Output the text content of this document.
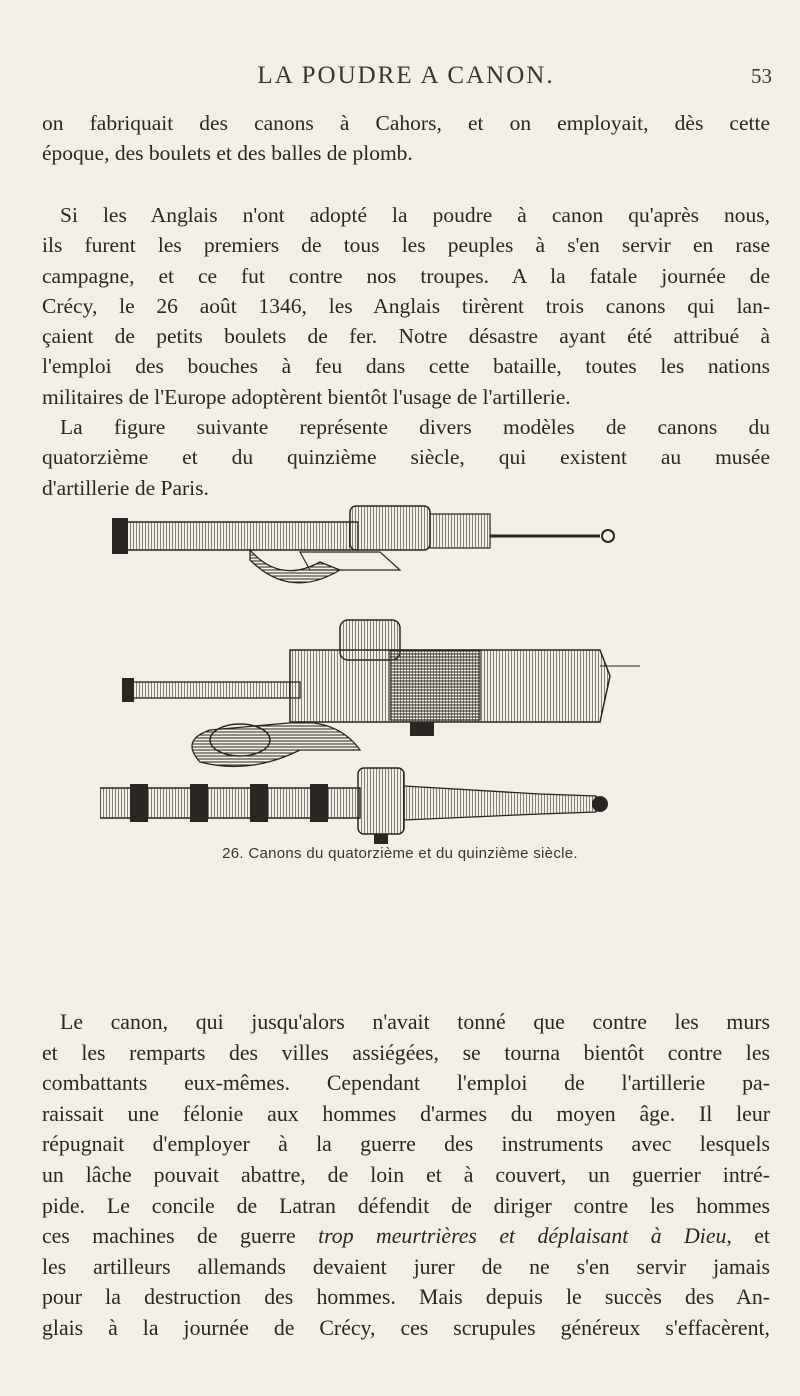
LA POUDRE A CANON.	53
on fabriquait des canons à Cahors, et on employait, dès cette
époque, des boulets et des balles de plomb.
Si les Anglais n'ont adopté la poudre à canon qu'après nous,
ils furent les premiers de tous les peuples à s'en servir en rase
campagne, et ce fut contre nos troupes. A la fatale journée de
Crécy, le 26 août 1346, les Anglais tirèrent trois canons qui lan-
çaient de petits boulets de fer. Notre désastre ayant été attribué à
l'emploi des bouches à feu dans cette bataille, toutes les nations
militaires de l'Europe adoptèrent bientôt l'usage de l'artillerie.
La figure suivante représente divers modèles de canons du
quatorzième et du quinzième siècle, qui existent au musée
d'artillerie de Paris.
26. Canons du quatorzième et du quinzième siècle.
Le canon, qui jusqu'alors n'avait tonné que contre les murs
et les remparts des villes assiégées, se tourna bientôt contre les
combattants eux-mêmes. Cependant l'emploi de l'artillerie pa-
raissait une félonie aux hommes d'armes du moyen âge. Il leur
répugnait d'employer à la guerre des instruments avec lesquels
un lâche pouvait abattre, de loin et à couvert, un guerrier intré-
pide. Le concile de Latran défendit de diriger contre les hommes
ces machines de guerre trop meurtrières et déplaisant à Dieu, et
les artilleurs allemands devaient jurer de ne s'en servir jamais
pour la destruction des hommes. Mais depuis le succès des An-
glais à la journée de Crécy, ces scrupules généreux s'effacèrent,
